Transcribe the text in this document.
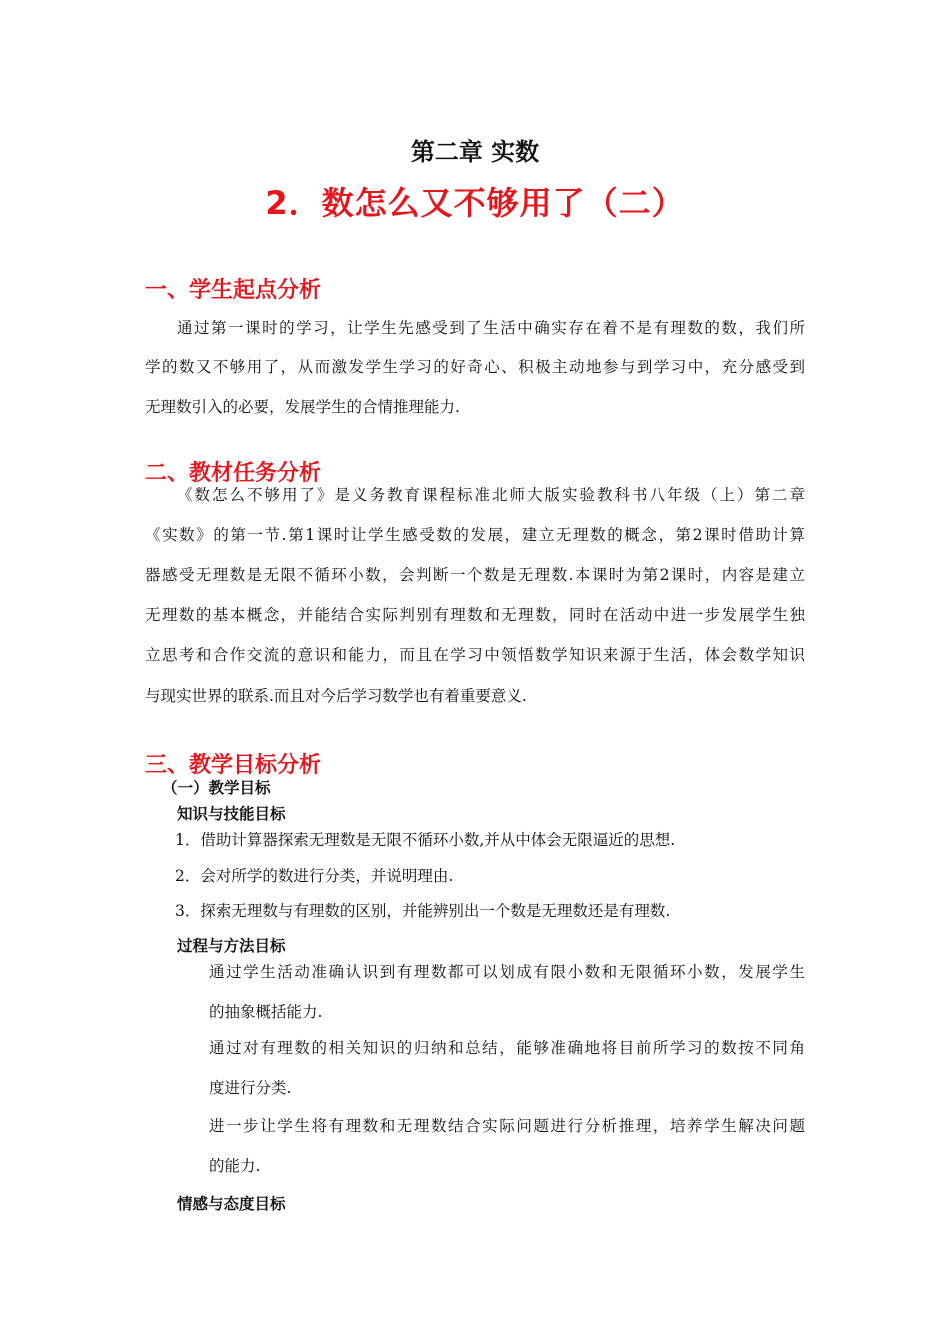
第二章 实数
2．数怎么又不够用了（二）
一、学生起点分析
通过第一课时的学习，让学生先感受到了生活中确实存在着不是有理数的数，我们所
学的数又不够用了，从而激发学生学习的好奇心、积极主动地参与到学习中，充分感受到
无理数引入的必要，发展学生的合情推理能力.
二、教材任务分析
《数怎么不够用了》是义务教育课程标准北师大版实验教科书八年级（上）第二章
《实数》的第一节.第1课时让学生感受数的发展，建立无理数的概念，第2课时借助计算
器感受无理数是无限不循环小数，会判断一个数是无理数.本课时为第2课时，内容是建立
无理数的基本概念，并能结合实际判别有理数和无理数，同时在活动中进一步发展学生独
立思考和合作交流的意识和能力，而且在学习中领悟数学知识来源于生活，体会数学知识
与现实世界的联系.而且对今后学习数学也有着重要意义.
三、教学目标分析
（一）教学目标
知识与技能目标
1．借助计算器探索无理数是无限不循环小数,并从中体会无限逼近的思想.
2．会对所学的数进行分类，并说明理由.
3．探索无理数与有理数的区别，并能辨别出一个数是无理数还是有理数.
过程与方法目标
通过学生活动准确认识到有理数都可以划成有限小数和无限循环小数，发展学生
的抽象概括能力.
通过对有理数的相关知识的归纳和总结，能够准确地将目前所学习的数按不同角
度进行分类.
进一步让学生将有理数和无理数结合实际问题进行分析推理，培养学生解决问题
的能力.
情感与态度目标
